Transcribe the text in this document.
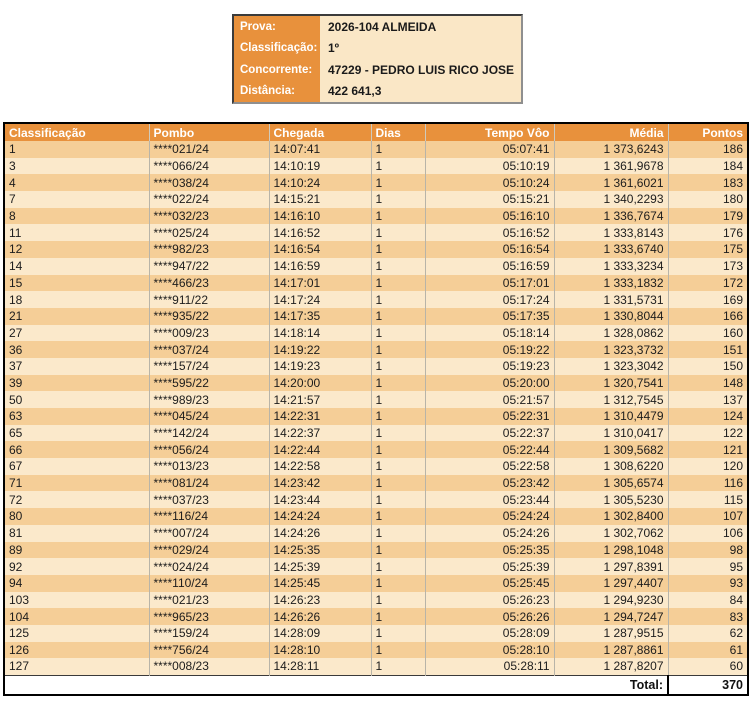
Prova:	2026-104 ALMEIDA
Classificação: 1º
Concorrente:	47229 - PEDRO LUIS RICO JOSE
Distância:	422 641,3
Classificação	Pombo	Chegada	Dias	Tempo Vôo	Média	Pontos
1	****021/24	14:07:41	1	05:07:41	1 373,6243	186
3	****066/24	14:10:19	1	05:10:19	1 361,9678	184
4	****038/24	14:10:24	1	05:10:24	1 361,6021	183
7	****022/24	14:15:21	1	05:15:21	1 340,2293	180
8	****032/23	14:16:10	1	05:16:10	1 336,7674	179
11	****025/24	14:16:52	1	05:16:52	1 333,8143	176
12	****982/23	14:16:54	1	05:16:54	1 333,6740	175
14	****947/22	14:16:59	1	05:16:59	1 333,3234	173
15	****466/23	14:17:01	1	05:17:01	1 333,1832	172
18	****911/22	14:17:24	1	05:17:24	1 331,5731	169
21	****935/22	14:17:35	1	05:17:35	1 330,8044	166
27	****009/23	14:18:14	1	05:18:14	1 328,0862	160
36	****037/24	14:19:22	1	05:19:22	1 323,3732	151
37	****157/24	14:19:23	1	05:19:23	1 323,3042	150
39	****595/22	14:20:00	1	05:20:00	1 320,7541	148
50	****989/23	14:21:57	1	05:21:57	1 312,7545	137
63	****045/24	14:22:31	1	05:22:31	1 310,4479	124
65	****142/24	14:22:37	1	05:22:37	1 310,0417	122
66	****056/24	14:22:44	1	05:22:44	1 309,5682	121
67	****013/23	14:22:58	1	05:22:58	1 308,6220	120
71	****081/24	14:23:42	1	05:23:42	1 305,6574	116
72	****037/23	14:23:44	1	05:23:44	1 305,5230	115
80	****116/24	14:24:24	1	05:24:24	1 302,8400	107
81	****007/24	14:24:26	1	05:24:26	1 302,7062	106
89	****029/24	14:25:35	1	05:25:35	1 298,1048	98
92	****024/24	14:25:39	1	05:25:39	1 297,8391	95
94	****110/24	14:25:45	1	05:25:45	1 297,4407	93
103	****021/23	14:26:23	1	05:26:23	1 294,9230	84
104	****965/23	14:26:26	1	05:26:26	1 294,7247	83
125	****159/24	14:28:09	1	05:28:09	1 287,9515	62
126	****756/24	14:28:10	1	05:28:10	1 287,8861	61
127	****008/23	14:28:11	1	05:28:11	1 287,8207	60
Total:						370
